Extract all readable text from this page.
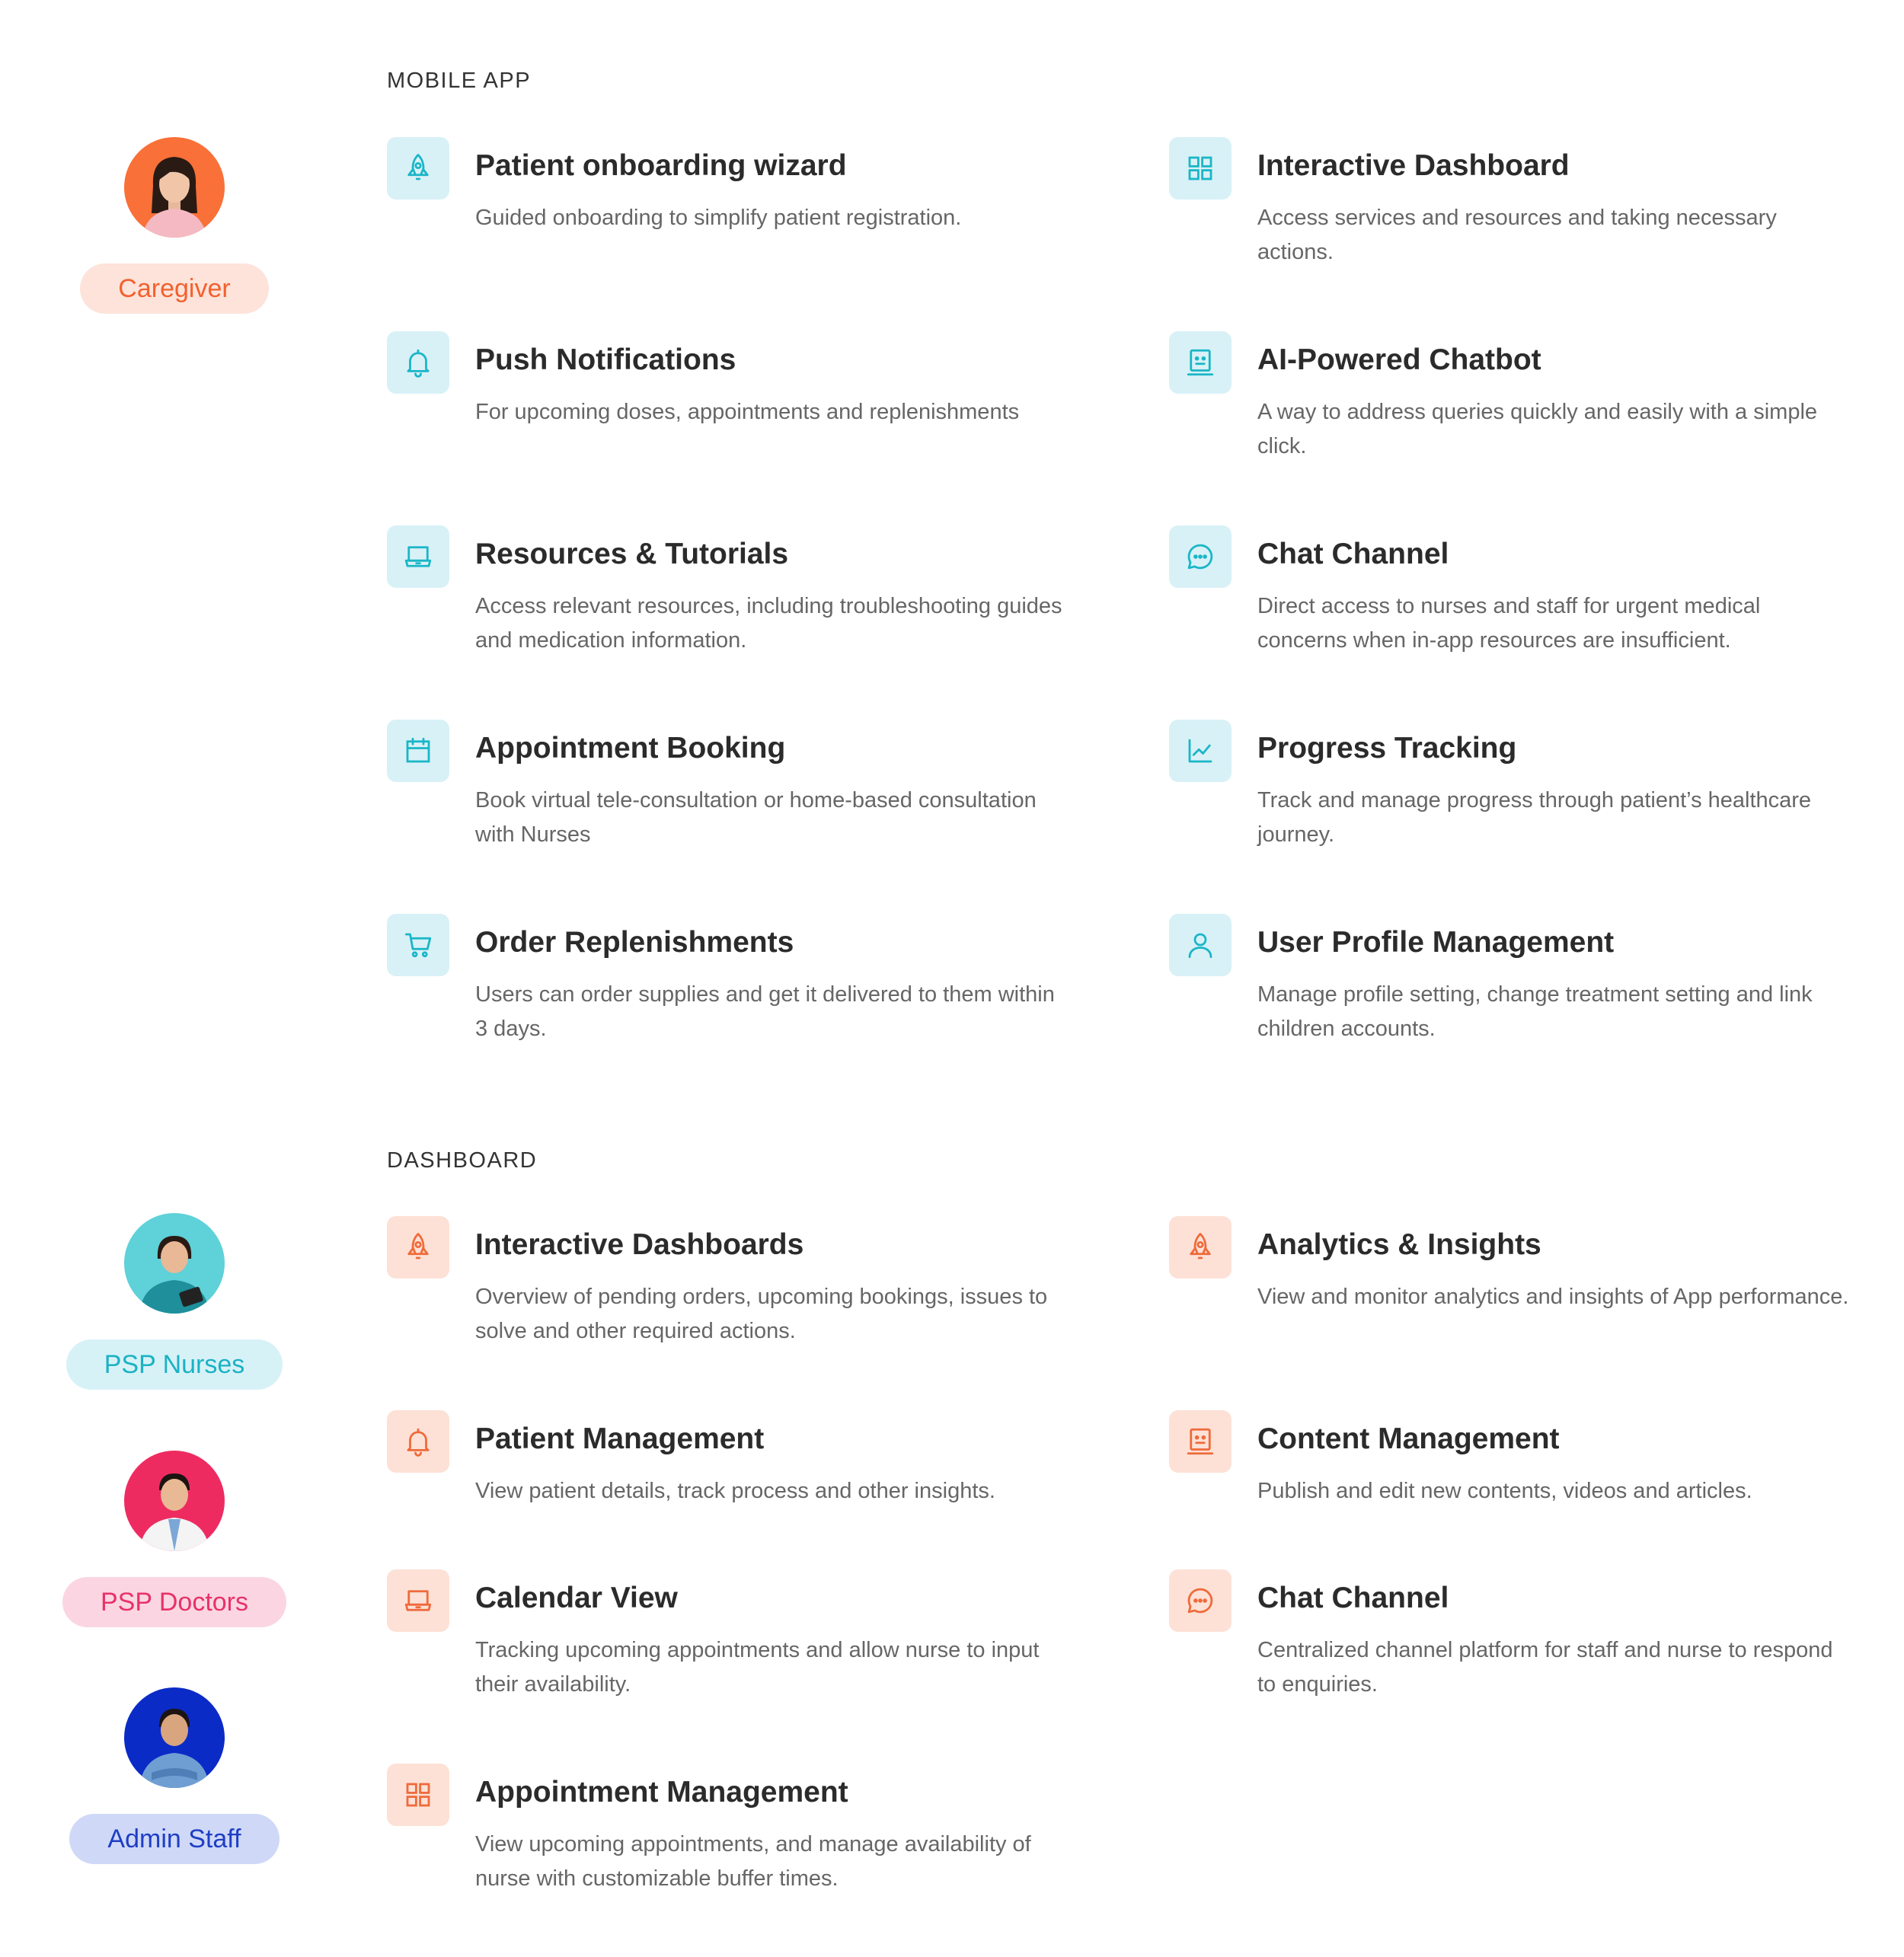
MOBILE APP
DASHBOARD
Caregiver
PSP Nurses
PSP Doctors
Admin Staff
Patient onboarding wizard
Guided onboarding to simplify patient registration.
Interactive Dashboard
Access services and resources and taking necessary actions.
Push Notifications
For upcoming doses, appointments and replenishments
AI-Powered Chatbot
A way to address queries quickly and easily with a simple click.
Resources & Tutorials
Access relevant resources, including troubleshooting guides and medication information.
Chat Channel
Direct access to nurses and staff for urgent medical concerns when in-app resources are insufficient.
Appointment Booking
Book virtual tele-consultation or home-based consultation with Nurses
Progress Tracking
Track and manage progress through patient’s healthcare journey.
Order Replenishments
Users can order supplies and get it delivered to them within 3 days.
User Profile Management
Manage profile setting, change treatment setting and link children accounts.
Interactive Dashboards
Overview of pending orders, upcoming bookings, issues to solve and other required actions.
Analytics & Insights
View and monitor analytics and insights of App performance.
Patient Management
View patient details, track process and other insights.
Content Management
Publish and edit new contents, videos and articles.
Calendar View
Tracking upcoming appointments and allow nurse to input their availability.
Chat Channel
Centralized channel platform for staff and nurse to respond to enquiries.
Appointment Management
View upcoming appointments, and manage availability of nurse with customizable buffer times.
